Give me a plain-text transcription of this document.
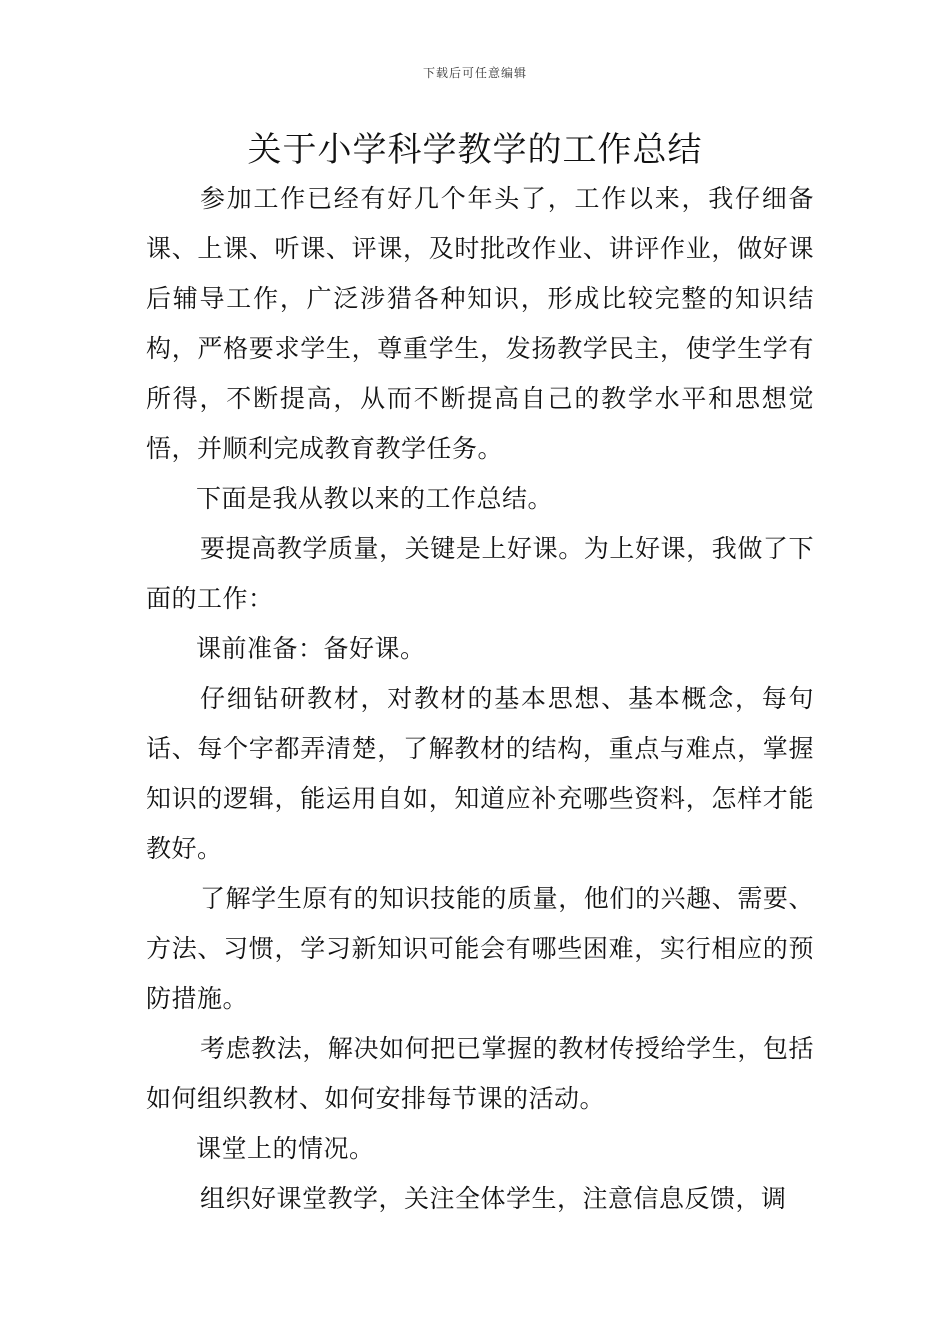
下载后可任意编辑
关于小学科学教学的工作总结

参加工作已经有好几个年头了，工作以来，我仔细备课、上课、听课、评课，及时批改作业、讲评作业，做好课后辅导工作，广泛涉猎各种知识，形成比较完整的知识结构，严格要求学生，尊重学生，发扬教学民主，使学生学有所得，不断提高，从而不断提高自己的教学水平和思想觉悟，并顺利完成教育教学任务。

下面是我从教以来的工作总结。

要提高教学质量，关键是上好课。为上好课，我做了下面的工作：

课前准备：备好课。

仔细钻研教材，对教材的基本思想、基本概念，每句话、每个字都弄清楚，了解教材的结构，重点与难点，掌握知识的逻辑，能运用自如，知道应补充哪些资料，怎样才能教好。

了解学生原有的知识技能的质量，他们的兴趣、需要、方法、习惯，学习新知识可能会有哪些困难，实行相应的预防措施。

考虑教法，解决如何把已掌握的教材传授给学生，包括如何组织教材、如何安排每节课的活动。

课堂上的情况。

组织好课堂教学，关注全体学生，注意信息反馈，调
